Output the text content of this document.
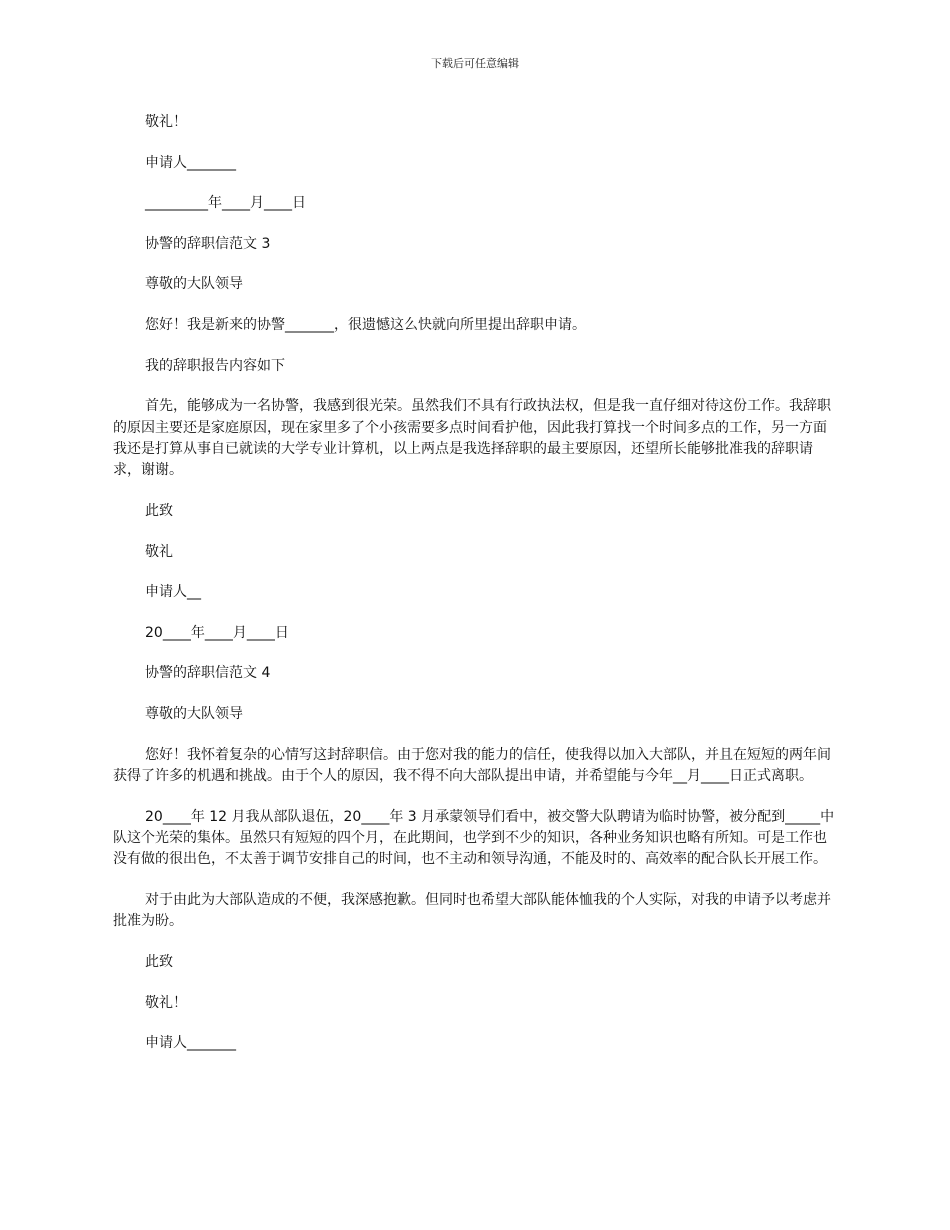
下载后可任意编辑

敬礼！

申请人_______

_________年____月____日

协警的辞职信范文 3

尊敬的大队领导

您好！我是新来的协警_______，很遗憾这么快就向所里提出辞职申请。

我的辞职报告内容如下

首先，能够成为一名协警，我感到很光荣。虽然我们不具有行政执法权，但是我一直仔细对待这份工作。我辞职的原因主要还是家庭原因，现在家里多了个小孩需要多点时间看护他，因此我打算找一个时间多点的工作，另一方面我还是打算从事自已就读的大学专业计算机，以上两点是我选择辞职的最主要原因，还望所长能够批准我的辞职请求，谢谢。

此致

敬礼

申请人__

20____年____月____日

协警的辞职信范文 4

尊敬的大队领导

您好！我怀着复杂的心情写这封辞职信。由于您对我的能力的信任，使我得以加入大部队，并且在短短的两年间获得了许多的机遇和挑战。由于个人的原因，我不得不向大部队提出申请，并希望能与今年__月____日正式离职。

20____年 12 月我从部队退伍，20____年 3 月承蒙领导们看中，被交警大队聘请为临时协警，被分配到_____中队这个光荣的集体。虽然只有短短的四个月，在此期间，也学到不少的知识，各种业务知识也略有所知。可是工作也没有做的很出色，不太善于调节安排自己的时间，也不主动和领导沟通，不能及时的、高效率的配合队长开展工作。

对于由此为大部队造成的不便，我深感抱歉。但同时也希望大部队能体恤我的个人实际，对我的申请予以考虑并批准为盼。

此致

敬礼！

申请人_______
